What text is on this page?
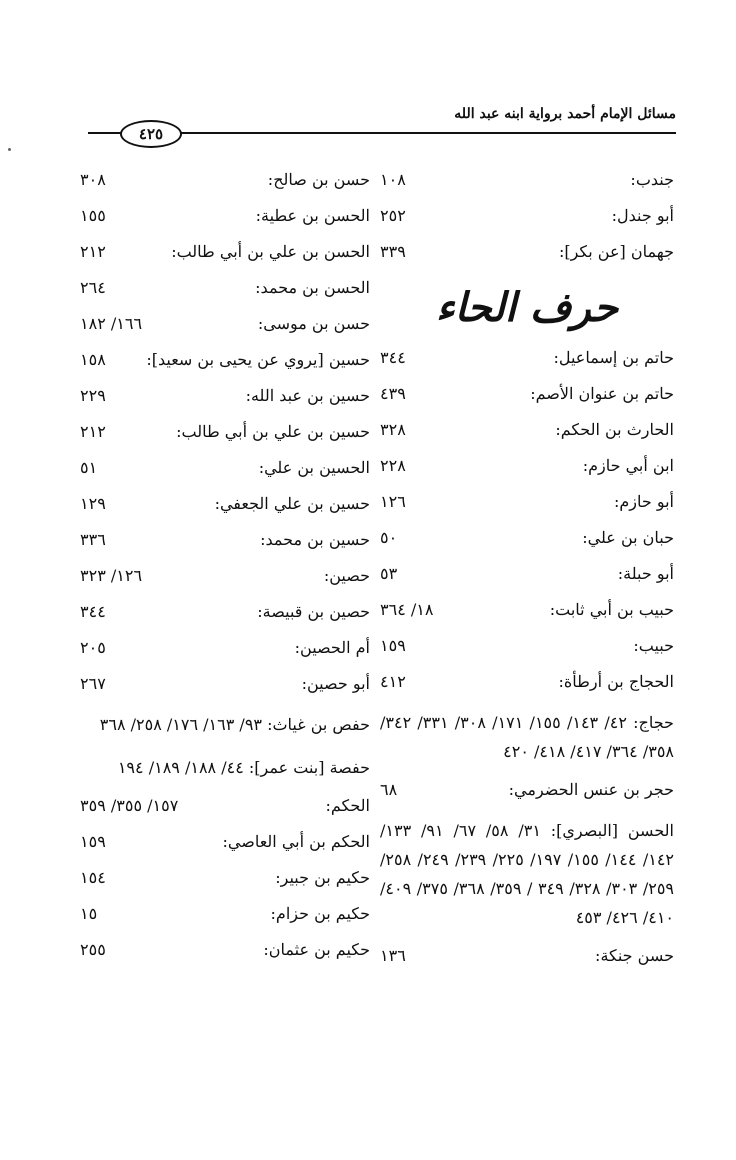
مسائل الإمام أحمد برواية ابنه عبد الله
٤٢٥
جندب:
١٠٨
أبو جندل:
٢٥٢
جهمان [عن بكر]:
٣٣٩
حرف الحاء
حاتم بن إسماعيل:
٣٤٤
حاتم بن عنوان الأصم:
٤٣٩
الحارث بن الحكم:
٣٢٨
ابن أبي حازم:
٢٢٨
أبو حازم:
١٢٦
حبان بن علي:
٥٠
أبو حبلة:
٥٣
حبيب بن أبي ثابت:
١٨/ ٣٦٤
حبيب:
١٥٩
الحجاج بن أرطأة:
٤١٢
حجاج: ٤٢/ ١٤٣/ ١٥٥/ ١٧١/ ٣٠٨/ ٣٣١/ ٣٤٢/ ٣٥٨/ ٣٦٤/ ٤١٧/ ٤١٨/ ٤٢٠
حجر بن عنس الحضرمي:
٦٨
الحسن [البصري]: ٣١/ ٥٨/ ٦٧/ ٩١/ ١٣٣/ ١٤٢/ ١٤٤/ ١٥٥/ ١٩٧/ ٢٢٥/ ٢٣٩/ ٢٤٩/ ٢٥٨/ ٢٥٩/ ٣٠٣/ ٣٢٨/ ٣٤٩ / ٣٥٩/ ٣٦٨/ ٣٧٥/ ٤٠٩/ ٤١٠/ ٤٢٦/ ٤٥٣
حسن جنكة:
١٣٦
حسن بن صالح:
٣٠٨
الحسن بن عطية:
١٥٥
الحسن بن علي بن أبي طالب:
٢١٢
الحسن بن محمد:
٢٦٤
حسن بن موسى:
١٦٦/ ١٨٢
حسين [يروي عن يحيى بن سعيد]:
١٥٨
حسين بن عبد الله:
٢٢٩
حسين بن علي بن أبي طالب:
٢١٢
الحسين بن علي:
٥١
حسين بن علي الجعفي:
١٢٩
حسين بن محمد:
٣٣٦
حصين:
١٢٦/ ٣٢٣
حصين بن قبيصة:
٣٤٤
أم الحصين:
٢٠٥
أبو حصين:
٢٦٧
حفص بن غياث: ٩٣/ ١٦٣/ ١٧٦/ ٢٥٨/ ٣٦٨
حفصة [بنت عمر]: ٤٤/ ١٨٨/ ١٨٩/ ١٩٤
الحكم:
١٥٧/ ٣٥٥/ ٣٥٩
الحكم بن أبي العاصي:
١٥٩
حكيم بن جبير:
١٥٤
حكيم بن حزام:
١٥
حكيم بن عثمان:
٢٥٥
